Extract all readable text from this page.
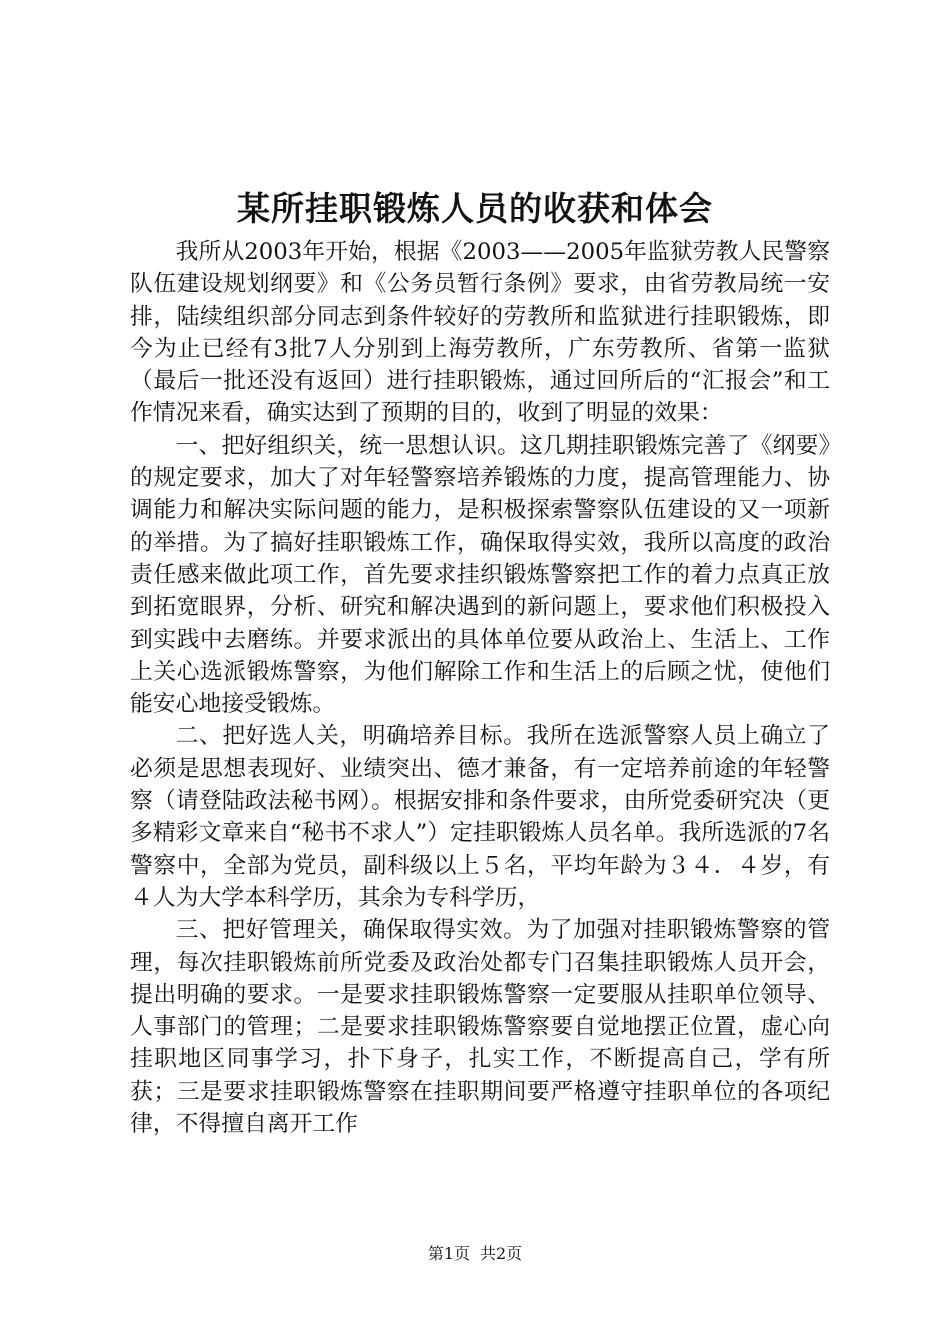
某所挂职锻炼人员的收获和体会

我所从2003年开始，根据《2003——2005年监狱劳教人民警察队伍建设规划纲要》和《公务员暂行条例》要求，由省劳教局统一安排，陆续组织部分同志到条件较好的劳教所和监狱进行挂职锻炼，即今为止已经有3批7人分别到上海劳教所，广东劳教所、省第一监狱（最后一批还没有返回）进行挂职锻炼，通过回所后的“汇报会”和工作情况来看，确实达到了预期的目的，收到了明显的效果：

一、把好组织关，统一思想认识。这几期挂职锻炼完善了《纲要》的规定要求，加大了对年轻警察培养锻炼的力度，提高管理能力、协调能力和解决实际问题的能力，是积极探索警察队伍建设的又一项新的举措。为了搞好挂职锻炼工作，确保取得实效，我所以高度的政治责任感来做此项工作，首先要求挂织锻炼警察把工作的着力点真正放到拓宽眼界，分析、研究和解决遇到的新问题上，要求他们积极投入到实践中去磨练。并要求派出的具体单位要从政治上、生活上、工作上关心选派锻炼警察，为他们解除工作和生活上的后顾之忧，使他们能安心地接受锻炼。

二、把好选人关，明确培养目标。我所在选派警察人员上确立了必须是思想表现好、业绩突出、德才兼备，有一定培养前途的年轻警察（请登陆政法秘书网）。根据安排和条件要求，由所党委研究决（更多精彩文章来自“秘书不求人”）定挂职锻炼人员名单。我所选派的7名警察中，全部为党员，副科级以上５名，平均年龄为３４．４岁，有４人为大学本科学历，其余为专科学历，

三、把好管理关，确保取得实效。为了加强对挂职锻炼警察的管理，每次挂职锻炼前所党委及政治处都专门召集挂职锻炼人员开会，提出明确的要求。一是要求挂职锻炼警察一定要服从挂职单位领导、人事部门的管理；二是要求挂职锻炼警察要自觉地摆正位置，虚心向挂职地区同事学习，扑下身子，扎实工作，不断提高自己，学有所获；三是要求挂职锻炼警察在挂职期间要严格遵守挂职单位的各项纪律，不得擅自离开工作

第1页 共2页
